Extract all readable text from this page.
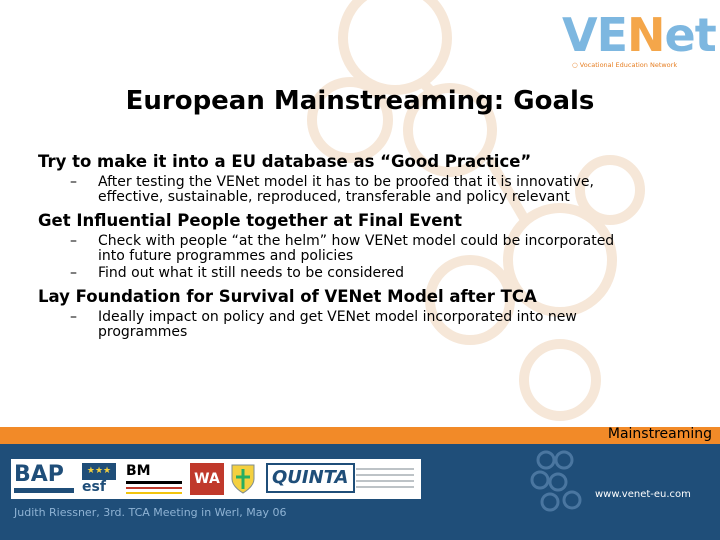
VENet
○ Vocational Education Network
European Mainstreaming: Goals

Try to make it into a EU database as “Good Practice”

– After testing the VENet model it has to be proofed that it is innovative,

effective, sustainable, reproduced, transferable and policy relevant

Get Influential People together at Final Event

– Check with people “at the helm” how VENet model could be incorporated

into future programmes and policies

– Find out what it still needs to be considered

Lay Foundation for Survival of VENet Model after TCA

– Ideally impact on policy and get VENet model incorporated into new

programmes

Mainstreaming
BAP	★★★
esf
BM	WA	QUINTA
www.venet-eu.com
Judith Riessner, 3rd. TCA Meeting in Werl, May 06
